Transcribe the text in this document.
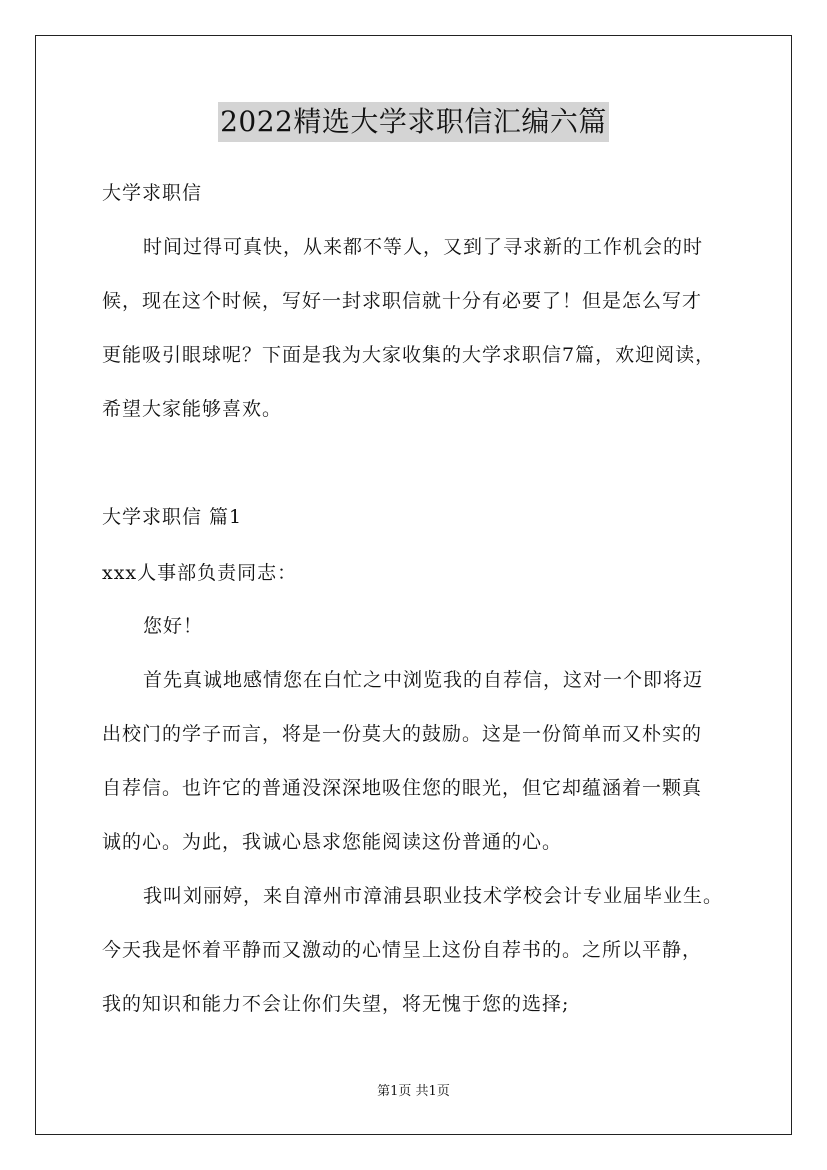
2022精选大学求职信汇编六篇
大学求职信
时间过得可真快，从来都不等人，又到了寻求新的工作机会的时
候，现在这个时候，写好一封求职信就十分有必要了！但是怎么写才
更能吸引眼球呢？下面是我为大家收集的大学求职信7篇，欢迎阅读，
希望大家能够喜欢。
大学求职信 篇1
xxx人事部负责同志：
您好！
首先真诚地感情您在白忙之中浏览我的自荐信，这对一个即将迈
出校门的学子而言，将是一份莫大的鼓励。这是一份简单而又朴实的
自荐信。也许它的普通没深深地吸住您的眼光，但它却蕴涵着一颗真
诚的心。为此，我诚心恳求您能阅读这份普通的心。
我叫刘丽婷，来自漳州市漳浦县职业技术学校会计专业届毕业生。
今天我是怀着平静而又激动的心情呈上这份自荐书的。之所以平静，
我的知识和能力不会让你们失望，将无愧于您的选择;
第1页 共1页
